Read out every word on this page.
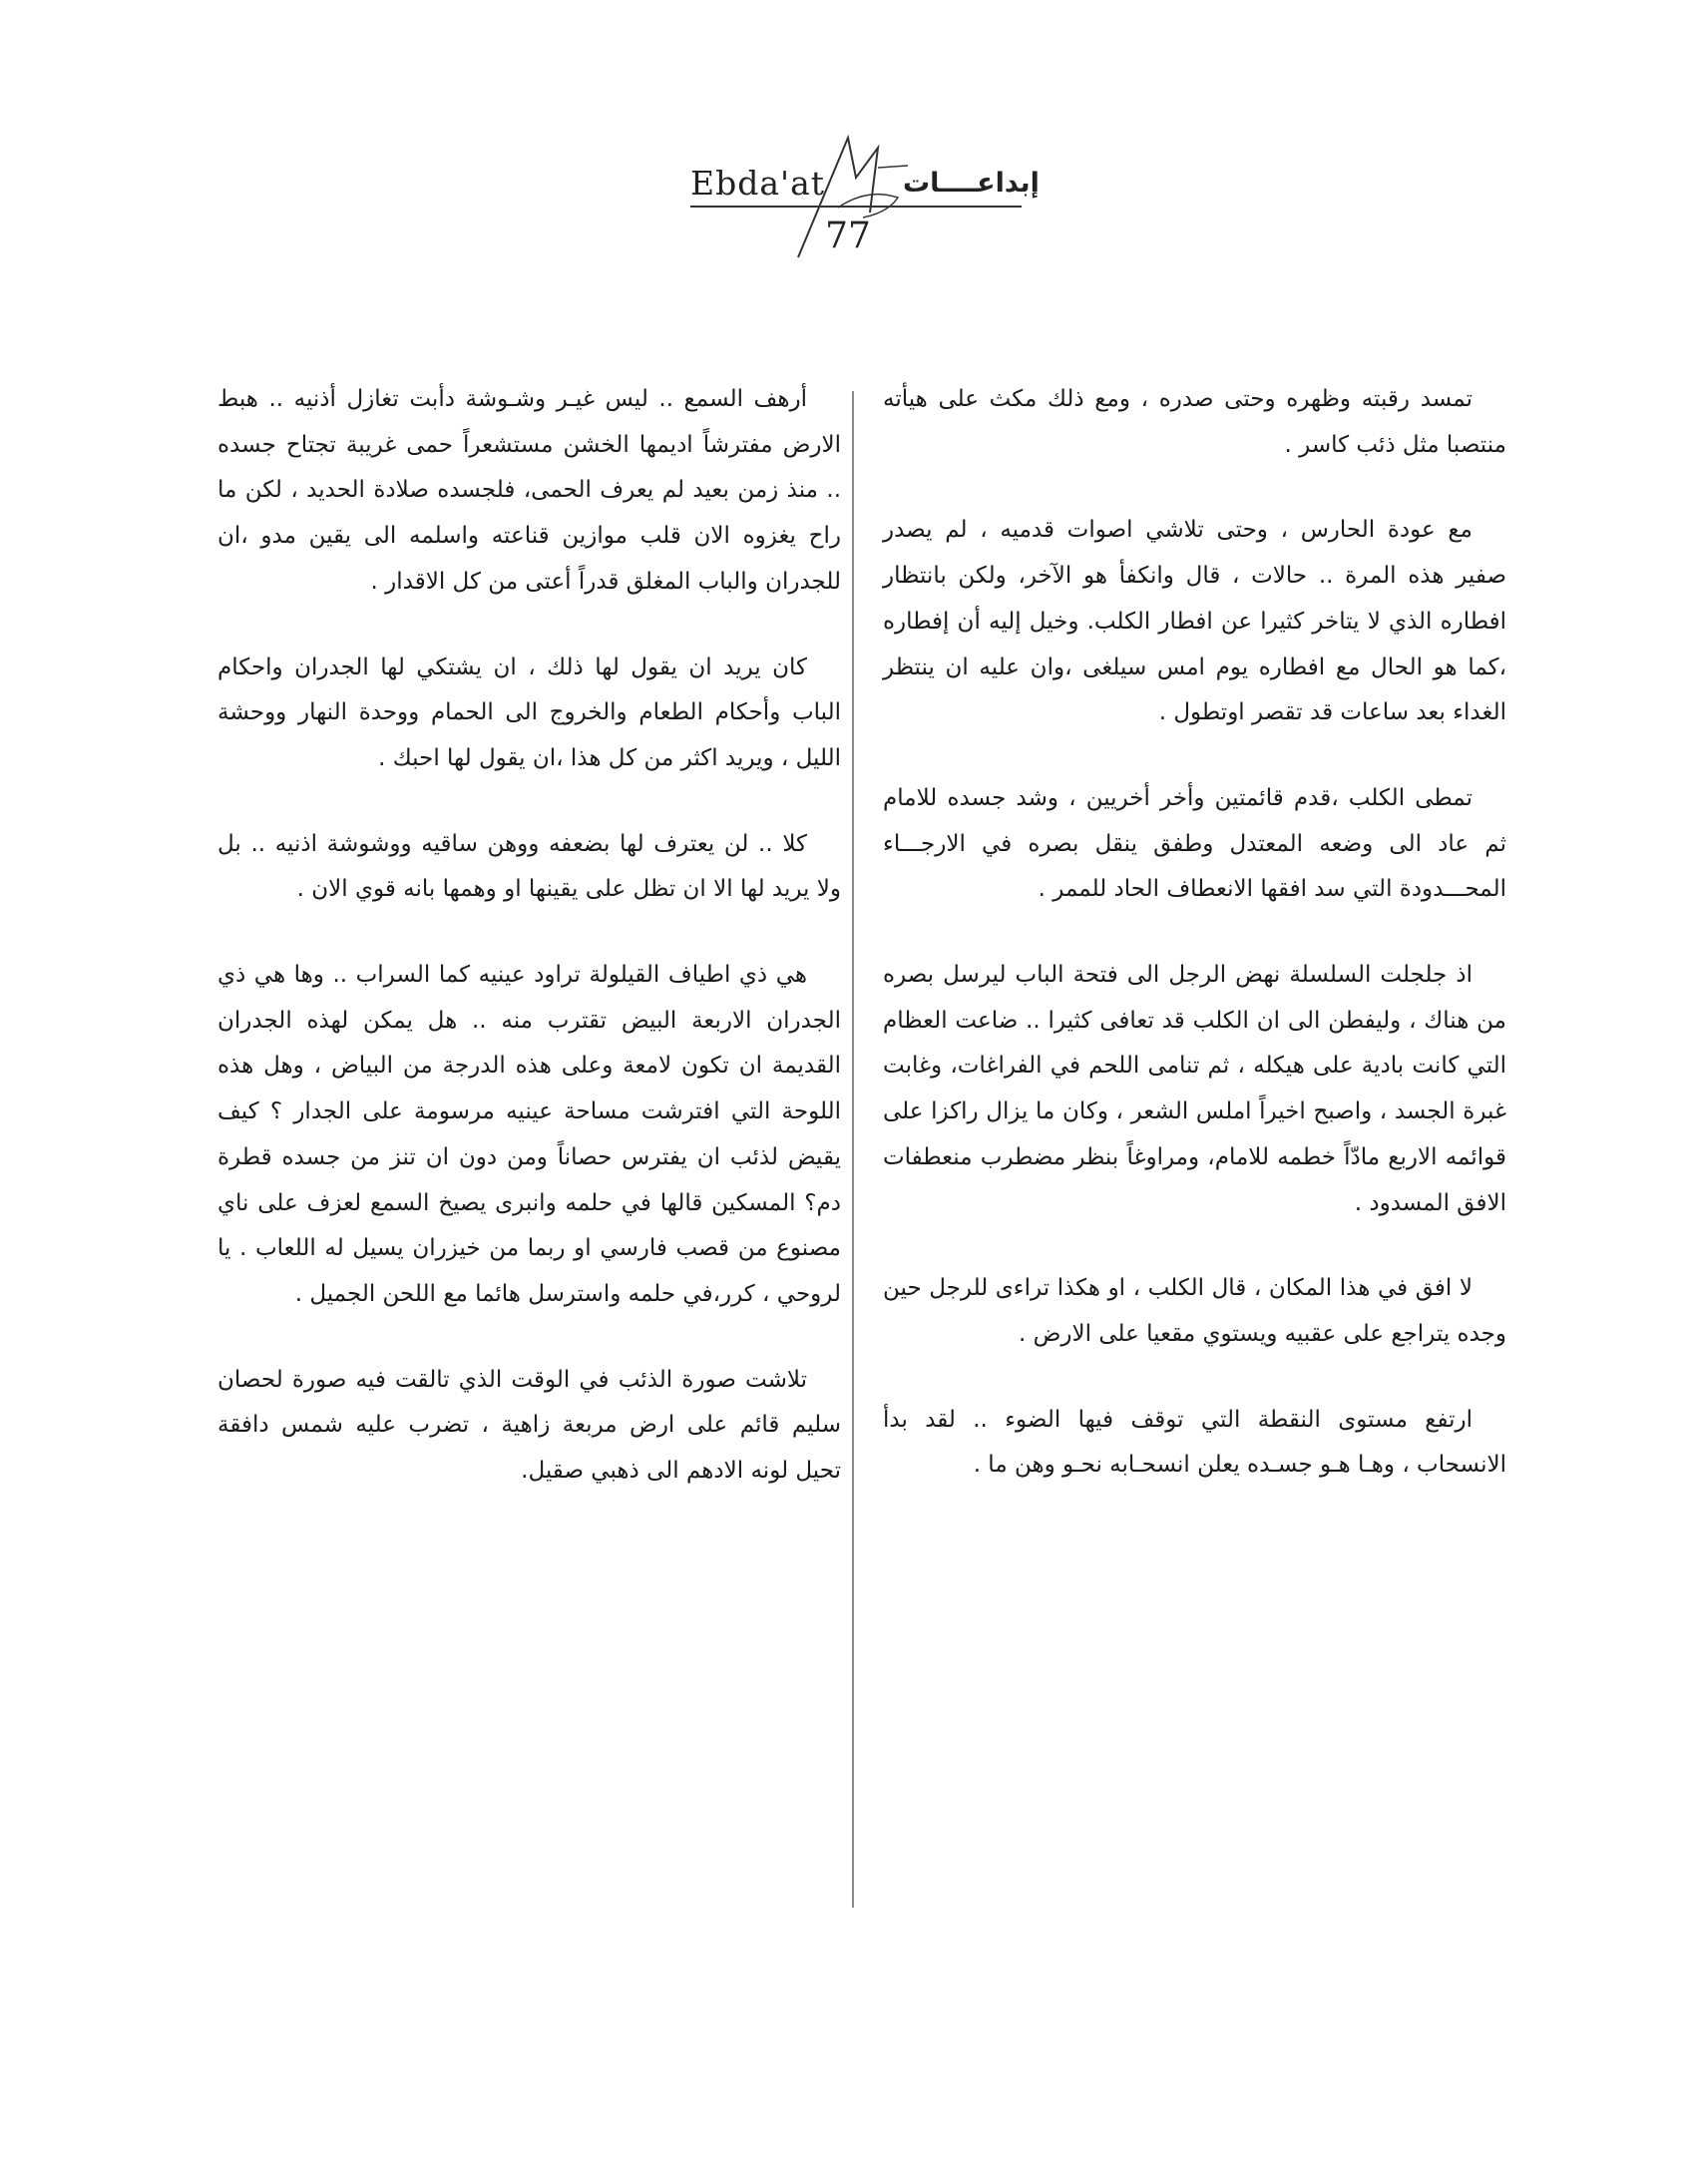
Ebda'at	إبداعــــات
77

تمسد رقبته وظهره وحتى صدره ، ومع ذلك مكث على هيأته منتصبا مثل ذئب كاسر .

مع عودة الحارس ، وحتى تلاشي اصوات قدميه ، لم يصدر صفير هذه المرة .. حالات ، قال وانكفأ هو الآخر، ولكن بانتظار افطاره الذي لا يتاخر كثيرا عن افطار الكلب. وخيل إليه أن إفطاره ،كما هو الحال مع افطاره يوم امس سيلغى ،وان عليه ان ينتظر الغداء بعد ساعات قد تقصر اوتطول .

تمطى الكلب ،قدم قائمتين وأخر أخريين ، وشد جسده للامام ثم عاد الى وضعه المعتدل وطفق ينقل بصره في الارجـــاء المحـــدودة التي سد افقها الانعطاف الحاد للممر .

اذ جلجلت السلسلة نهض الرجل الى فتحة الباب ليرسل بصره من هناك ، وليفطن الى ان الكلب قد تعافى كثيرا .. ضاعت العظام التي كانت بادية على هيكله ، ثم تنامى اللحم في الفراغات، وغابت غبرة الجسد ، واصبح اخيراً املس الشعر ، وكان ما يزال راكزا على قوائمه الاربع مادّاً خطمه للامام، ومراوغاً بنظر مضطرب منعطفات الافق المسدود .

لا افق في هذا المكان ، قال الكلب ، او هكذا تراءى للرجل حين وجده يتراجع على عقبيه ويستوي مقعيا على الارض .

ارتفع مستوى النقطة التي توقف فيها الضوء .. لقد بدأ الانسحاب ، وهـا هـو جسـده يعلن انسحـابه نحـو وهن ما .

أرهف السمع .. ليس غيـر وشـوشة دأبت تغازل أذنيه .. هبط الارض مفترشاً اديمها الخشن مستشعراً حمى غريبة تجتاح جسده .. منذ زمن بعيد لم يعرف الحمى، فلجسده صلادة الحديد ، لكن ما راح يغزوه الان قلب موازين قناعته واسلمه الى يقين مدو ،ان للجدران والباب المغلق قدراً أعتى من كل الاقدار .

كان يريد ان يقول لها ذلك ، ان يشتكي لها الجدران واحكام الباب وأحكام الطعام والخروج الى الحمام ووحدة النهار ووحشة الليل ، ويريد اكثر من كل هذا ،ان يقول لها احبك .

كلا .. لن يعترف لها بضعفه ووهن ساقيه ووشوشة اذنيه .. بل ولا يريد لها الا ان تظل على يقينها او وهمها بانه قوي الان .

هي ذي اطياف القيلولة تراود عينيه كما السراب .. وها هي ذي الجدران الاربعة البيض تقترب منه .. هل يمكن لهذه الجدران القديمة ان تكون لامعة وعلى هذه الدرجة من البياض ، وهل هذه اللوحة التي افترشت مساحة عينيه مرسومة على الجدار ؟ كيف يقيض لذئب ان يفترس حصاناً ومن دون ان تنز من جسده قطرة دم؟ المسكين قالها في حلمه وانبرى يصيخ السمع لعزف على ناي مصنوع من قصب فارسي او ربما من خيزران يسيل له اللعاب . يا لروحي ، كرر،في حلمه واسترسل هائما مع اللحن الجميل .

تلاشت صورة الذئب في الوقت الذي تالقت فيه صورة لحصان سليم قائم على ارض مربعة زاهية ، تضرب عليه شمس دافقة تحيل لونه الادهم الى ذهبي صقيل.
